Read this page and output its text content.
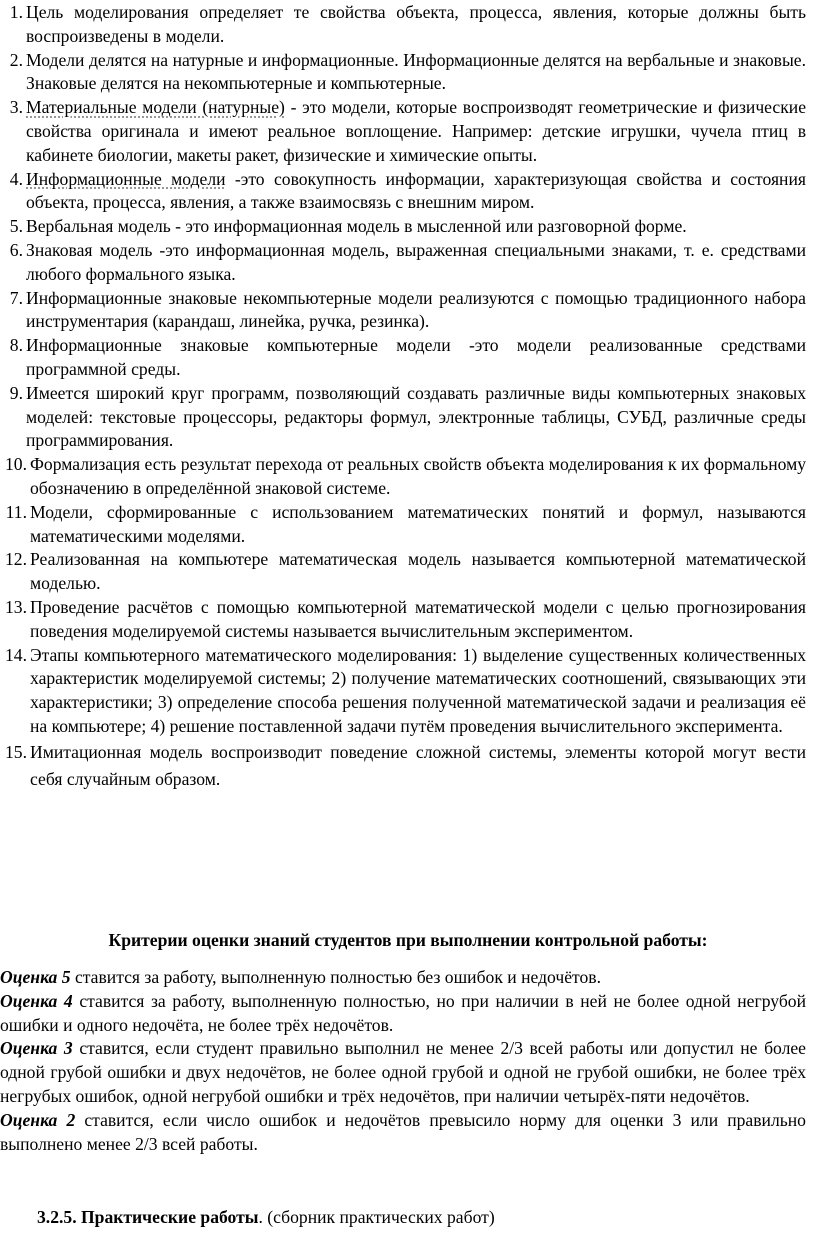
1. Цель моделирования определяет те свойства объекта, процесса, явления, которые должны быть воспроизведены в модели.
2. Модели делятся на натурные и информационные. Информационные делятся на вербальные и знаковые. Знаковые делятся на некомпьютерные и компьютерные.
3. Материальные модели (натурные) - это модели, которые воспроизводят геометрические и физические свойства оригинала и имеют реальное воплощение. Например: детские игрушки, чучела птиц в кабинете биологии, макеты ракет, физические и химические опыты.
4. Информационные модели -это совокупность информации, характеризующая свойства и состояния объекта, процесса, явления, а также взаимосвязь с внешним миром.
5. Вербальная модель - это информационная модель в мысленной или разговорной форме.
6. Знаковая модель -это информационная модель, выраженная специальными знаками, т. е. средствами любого формального языка.
7. Информационные знаковые некомпьютерные модели реализуются с помощью традиционного набора инструментария (карандаш, линейка, ручка, резинка).
8. Информационные знаковые компьютерные модели -это модели реализованные средствами программной среды.
9. Имеется широкий круг программ, позволяющий создавать различные виды компьютерных знаковых моделей: текстовые процессоры, редакторы формул, электронные таблицы, СУБД, различные среды программирования.
10. Формализация есть результат перехода от реальных свойств объекта моделирования к их формальному обозначению в определённой знаковой системе.
11. Модели, сформированные с использованием математических понятий и формул, называются математическими моделями.
12. Реализованная на компьютере математическая модель называется компьютерной математической моделью.
13. Проведение расчётов с помощью компьютерной математической модели с целью прогнозирования поведения моделируемой системы называется вычислительным экспериментом.
14. Этапы компьютерного математического моделирования: 1) выделение существенных количественных характеристик моделируемой системы; 2) получение математических соотношений, связывающих эти характеристики; 3) определение способа решения полученной математической задачи и реализация её на компьютере; 4) решение поставленной задачи путём проведения вычислительного эксперимента.
15. Имитационная модель воспроизводит поведение сложной системы, элементы которой могут вести себя случайным образом.
Критерии оценки знаний студентов при выполнении контрольной работы:

Оценка 5 ставится за работу, выполненную полностью без ошибок и недочётов.

Оценка 4 ставится за работу, выполненную полностью, но при наличии в ней не более одной негрубой ошибки и одного недочёта, не более трёх недочётов.

Оценка 3 ставится, если студент правильно выполнил не менее 2/3 всей работы или допустил не более одной грубой ошибки и двух недочётов, не более одной грубой и одной не грубой ошибки, не более трёх негрубых ошибок, одной негрубой ошибки и трёх недочётов, при наличии четырёх-пяти недочётов.

Оценка 2 ставится, если число ошибок и недочётов превысило норму для оценки 3 или правильно выполнено менее 2/3 всей работы.

3.2.5. Практические работы. (сборник практических работ)
